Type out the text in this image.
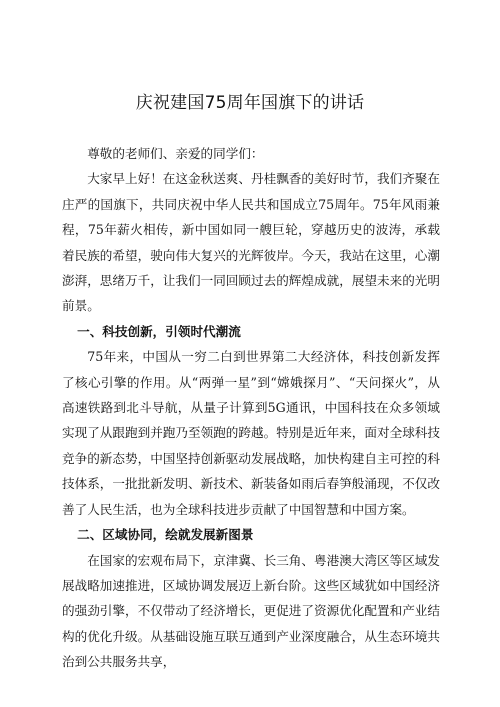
庆祝建国75周年国旗下的讲话

尊敬的老师们、亲爱的同学们：

大家早上好！在这金秋送爽、丹桂飘香的美好时节，我们齐聚在庄严的国旗下，共同庆祝中华人民共和国成立75周年。75年风雨兼程，75年薪火相传，新中国如同一艘巨轮，穿越历史的波涛，承载着民族的希望，驶向伟大复兴的光辉彼岸。今天，我站在这里，心潮澎湃，思绪万千，让我们一同回顾过去的辉煌成就，展望未来的光明前景。

一、科技创新，引领时代潮流

75年来，中国从一穷二白到世界第二大经济体，科技创新发挥了核心引擎的作用。从“两弹一星”到“嫦娥探月”、“天问探火”，从高速铁路到北斗导航，从量子计算到5G通讯，中国科技在众多领域实现了从跟跑到并跑乃至领跑的跨越。特别是近年来，面对全球科技竞争的新态势，中国坚持创新驱动发展战略，加快构建自主可控的科技体系，一批批新发明、新技术、新装备如雨后春笋般涌现，不仅改善了人民生活，也为全球科技进步贡献了中国智慧和中国方案。

二、区域协同，绘就发展新图景

在国家的宏观布局下，京津冀、长三角、粤港澳大湾区等区域发展战略加速推进，区域协调发展迈上新台阶。这些区域犹如中国经济的强劲引擎，不仅带动了经济增长，更促进了资源优化配置和产业结构的优化升级。从基础设施互联互通到产业深度融合，从生态环境共治到公共服务共享，
